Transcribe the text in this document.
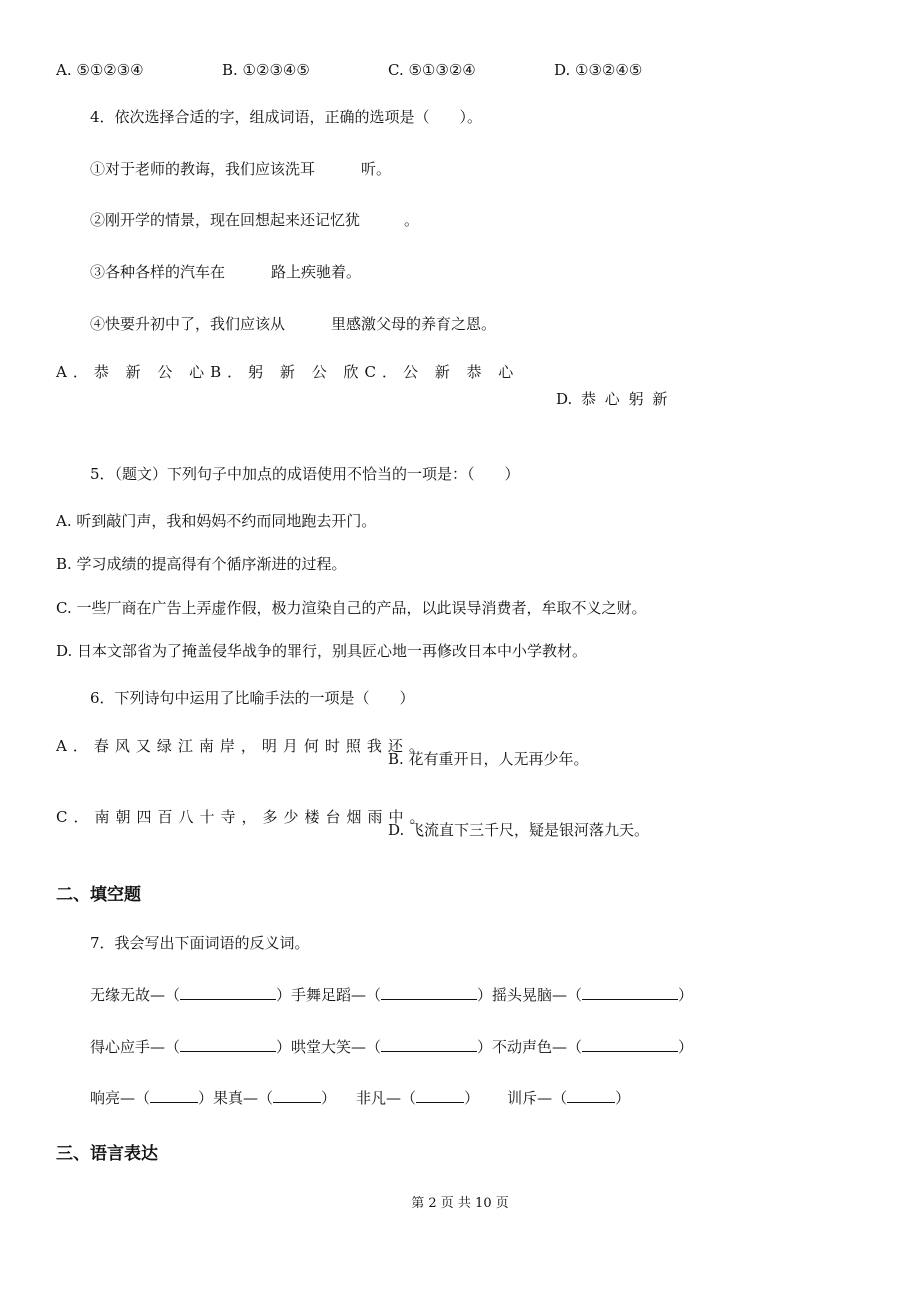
A. ⑤①②③④	B. ①②③④⑤	C. ⑤①③②④	D. ①③②④⑤
4．依次选择合适的字，组成词语，正确的选项是（　　）。
①对于老师的教诲，我们应该洗耳	听。
②刚开学的情景，现在回想起来还记忆犹	。
③各种各样的汽车在	路上疾驰着。
④快要升初中了，我们应该从	里感激父母的养育之恩。
A．恭 新 公 心B．躬 新 公 欣C．公 新 恭 心
D. 恭 心 躬 新
5．（题文）下列句子中加点的成语使用不恰当的一项是：（　　）
A. 听到敲门声，我和妈妈不约而同地跑去开门。
B. 学习成绩的提高得有个循序渐进的过程。
C. 一些厂商在广告上弄虚作假，极力渲染自己的产品，以此误导消费者，牟取不义之财。
D. 日本文部省为了掩盖侵华战争的罪行，别具匠心地一再修改日本中小学教材。
6．下列诗句中运用了比喻手法的一项是（　　）
A．春风又绿江南岸，明月何时照我还。
B. 花有重开日，人无再少年。
C．南朝四百八十寺，多少楼台烟雨中。
D. 飞流直下三千尺，疑是银河落九天。
二、填空题
7．我会写出下面词语的反义词。
无缘无故—（	）手舞足蹈—（	）摇头晃脑—（	）
得心应手—（	）哄堂大笑—（	）不动声色—（	）
响亮—（	）果真—（	） 非凡—（	） 训斥—（	）
三、语言表达
第 2 页 共 10 页
